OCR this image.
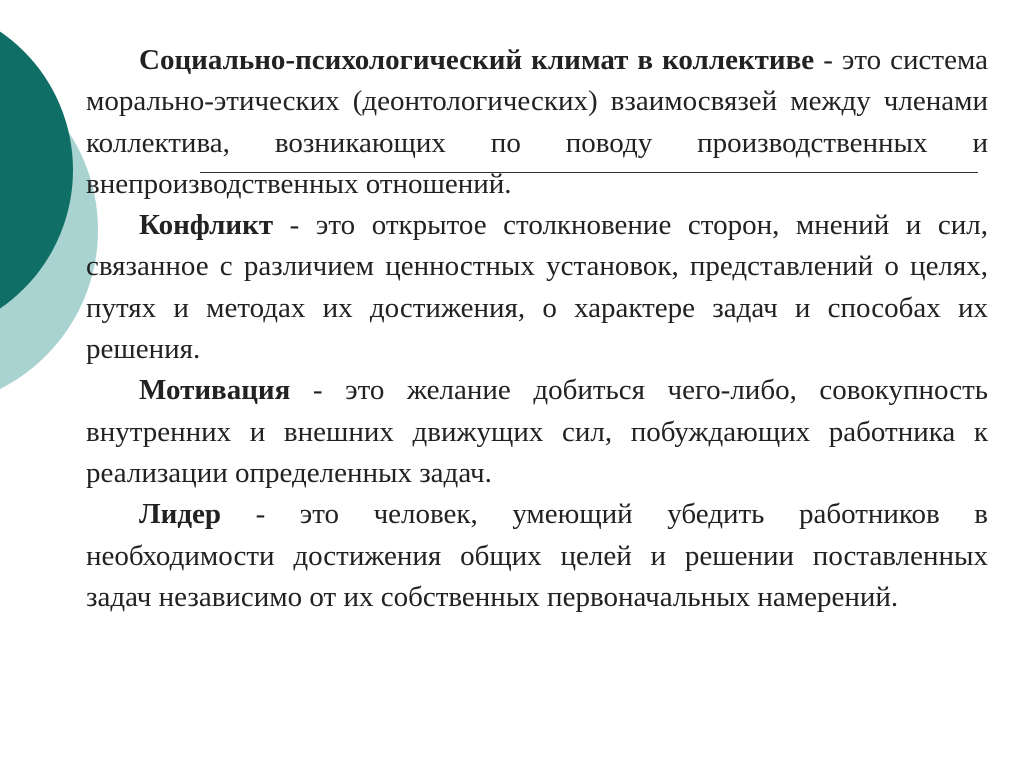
Социально-психологический климат в коллективе - это система морально-этических (деонтологических) взаимосвязей между членами коллектива, возникающих по поводу производственных и внепроизводственных отношений.

Конфликт - это открытое столкновение сторон, мнений и сил, связанное с различием ценностных установок, представлений о целях, путях и методах их достижения, о характере задач и способах их решения.

Мотивация - это желание добиться чего-либо, совокупность внутренних и внешних движущих сил, побуждающих работника к реализации определенных задач.

Лидер - это человек, умеющий убедить работников в необходимости достижения общих целей и решении поставленных задач независимо от их собственных первоначальных намерений.
